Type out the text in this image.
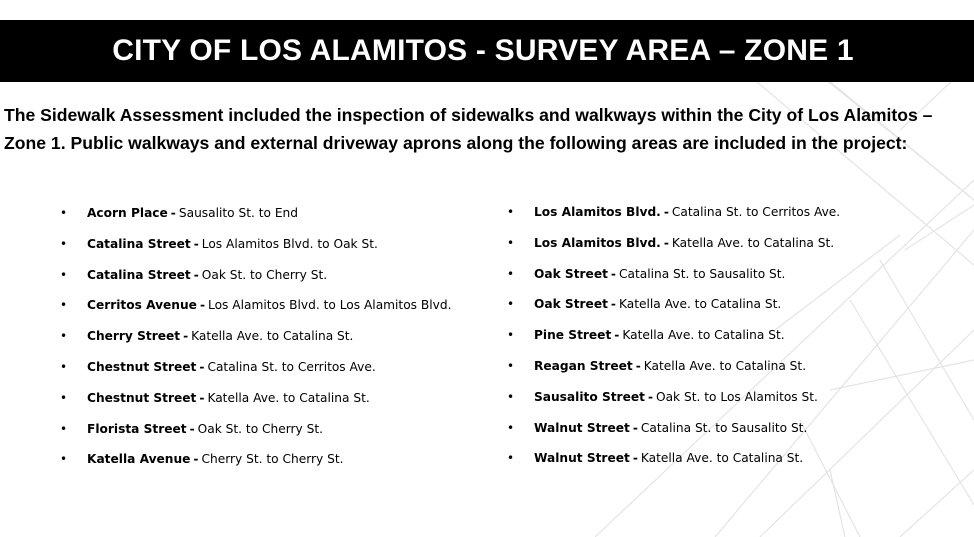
CITY OF LOS ALAMITOS - SURVEY AREA – ZONE 1

The Sidewalk Assessment included the inspection of sidewalks and walkways within the City of Los Alamitos – Zone 1. Public walkways and external driveway aprons along the following areas are included in the project:

•	Acorn Place - Sausalito St. to End
•	Catalina Street - Los Alamitos Blvd. to Oak St.
•	Catalina Street - Oak St. to Cherry St.
•	Cerritos Avenue - Los Alamitos Blvd. to Los Alamitos Blvd.
•	Cherry Street - Katella Ave. to Catalina St.
•	Chestnut Street - Catalina St. to Cerritos Ave.
•	Chestnut Street - Katella Ave. to Catalina St.
•	Florista Street - Oak St. to Cherry St.
•	Katella Avenue - Cherry St. to Cherry St.
•	Los Alamitos Blvd. - Catalina St. to Cerritos Ave.
•	Los Alamitos Blvd. - Katella Ave. to Catalina St.
•	Oak Street - Catalina St. to Sausalito St.
•	Oak Street - Katella Ave. to Catalina St.
•	Pine Street - Katella Ave. to Catalina St.
•	Reagan Street - Katella Ave. to Catalina St.
•	Sausalito Street - Oak St. to Los Alamitos St.
•	Walnut Street - Catalina St. to Sausalito St.
•	Walnut Street - Katella Ave. to Catalina St.
